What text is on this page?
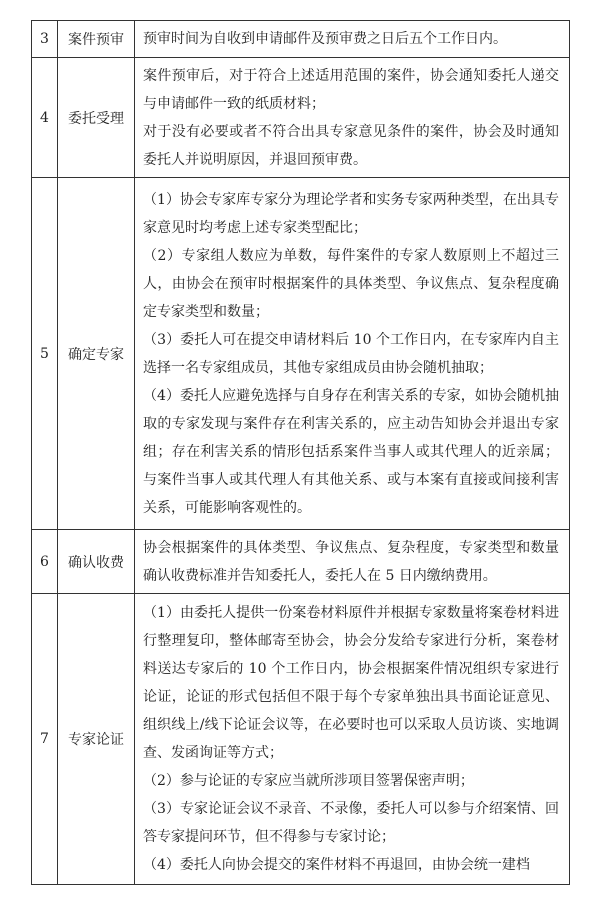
3	案件预审	预审时间为自收到申请邮件及预审费之日后五个工作日内。

4	委托受理	案件预审后，对于符合上述适用范围的案件，协会通知委托人递交与申请邮件一致的纸质材料；

对于没有必要或者不符合出具专家意见条件的案件，协会及时通知委托人并说明原因，并退回预审费。

5	确定专家	（1）协会专家库专家分为理论学者和实务专家两种类型，在出具专家意见时均考虑上述专家类型配比；

（2）专家组人数应为单数，每件案件的专家人数原则上不超过三人，由协会在预审时根据案件的具体类型、争议焦点、复杂程度确定专家类型和数量；

（3）委托人可在提交申请材料后 10 个工作日内，在专家库内自主选择一名专家组成员，其他专家组成员由协会随机抽取；

（4）委托人应避免选择与自身存在利害关系的专家，如协会随机抽取的专家发现与案件存在利害关系的，应主动告知协会并退出专家组；存在利害关系的情形包括系案件当事人或其代理人的近亲属；与案件当事人或其代理人有其他关系、或与本案有直接或间接利害关系，可能影响客观性的。

6	确认收费	协会根据案件的具体类型、争议焦点、复杂程度，专家类型和数量确认收费标准并告知委托人，委托人在 5 日内缴纳费用。

7	专家论证	（1）由委托人提供一份案卷材料原件并根据专家数量将案卷材料进行整理复印，整体邮寄至协会，协会分发给专家进行分析，案卷材料送达专家后的 10 个工作日内，协会根据案件情况组织专家进行论证，论证的形式包括但不限于每个专家单独出具书面论证意见、组织线上/线下论证会议等，在必要时也可以采取人员访谈、实地调查、发函询证等方式；

（2）参与论证的专家应当就所涉项目签署保密声明；

（3）专家论证会议不录音、不录像，委托人可以参与介绍案情、回答专家提问环节，但不得参与专家讨论；

（4）委托人向协会提交的案件材料不再退回，由协会统一建档
